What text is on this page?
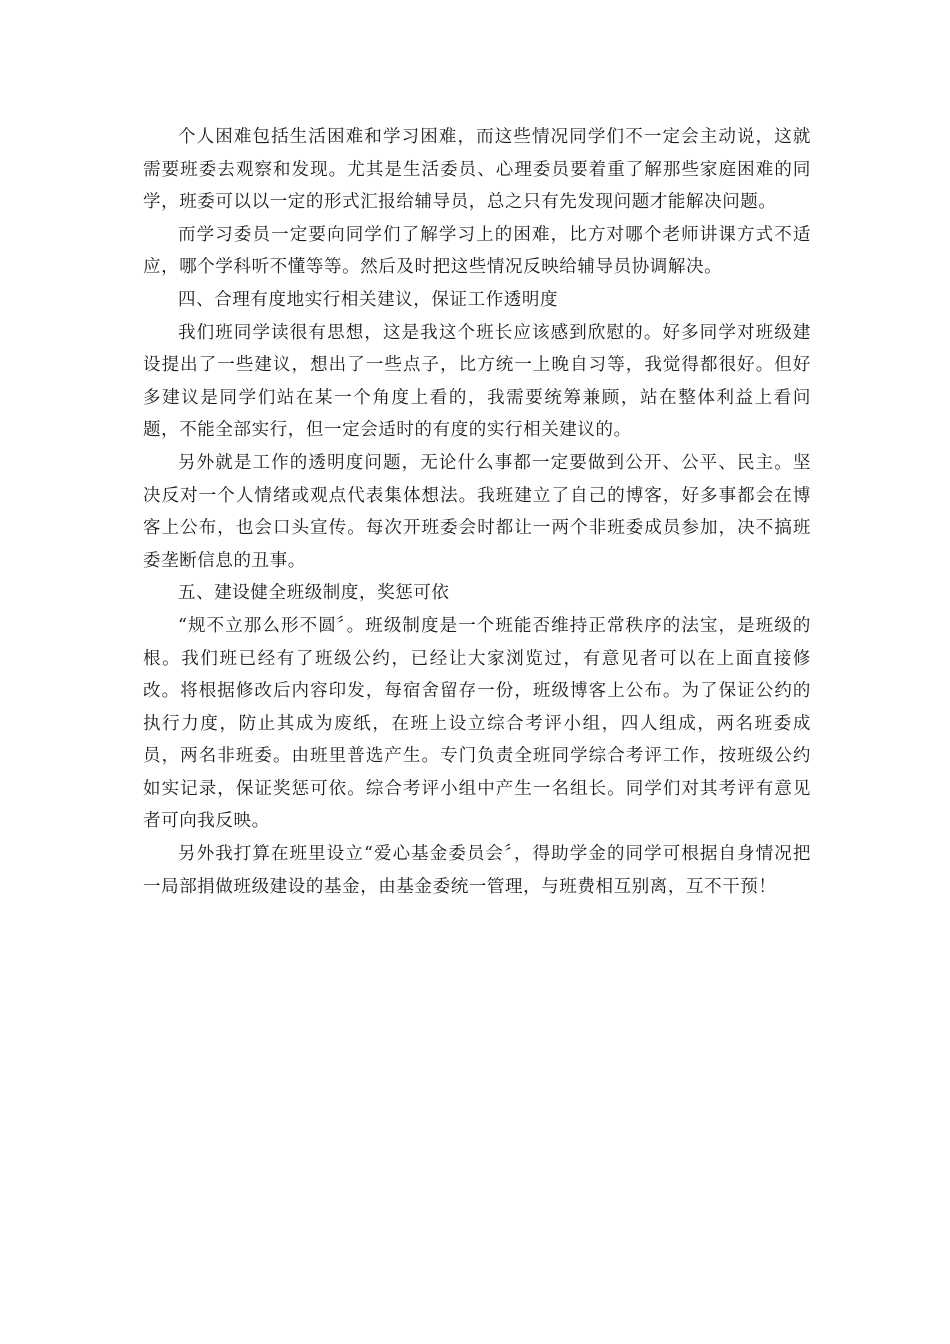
个人困难包括生活困难和学习困难，而这些情况同学们不一定会主动说，这就需要班委去观察和发现。尤其是生活委员、心理委员要着重了解那些家庭困难的同学，班委可以以一定的形式汇报给辅导员，总之只有先发现问题才能解决问题。

而学习委员一定要向同学们了解学习上的困难，比方对哪个老师讲课方式不适应，哪个学科听不懂等等。然后及时把这些情况反映给辅导员协调解决。

四、合理有度地实行相关建议，保证工作透明度

我们班同学读很有思想，这是我这个班长应该感到欣慰的。好多同学对班级建设提出了一些建议，想出了一些点子，比方统一上晚自习等，我觉得都很好。但好多建议是同学们站在某一个角度上看的，我需要统筹兼顾，站在整体利益上看问题，不能全部实行，但一定会适时的有度的实行相关建议的。

另外就是工作的透明度问题，无论什么事都一定要做到公开、公平、民主。坚决反对一个人情绪或观点代表集体想法。我班建立了自己的博客，好多事都会在博客上公布，也会口头宣传。每次开班委会时都让一两个非班委成员参加，决不搞班委垄断信息的丑事。

五、建设健全班级制度，奖惩可依

“规不立那么形不圆〞。班级制度是一个班能否维持正常秩序的法宝，是班级的根。我们班已经有了班级公约，已经让大家浏览过，有意见者可以在上面直接修改。将根据修改后内容印发，每宿舍留存一份，班级博客上公布。为了保证公约的执行力度，防止其成为废纸，在班上设立综合考评小组，四人组成，两名班委成员，两名非班委。由班里普选产生。专门负责全班同学综合考评工作，按班级公约如实记录，保证奖惩可依。综合考评小组中产生一名组长。同学们对其考评有意见者可向我反映。

另外我打算在班里设立“爱心基金委员会〞，得助学金的同学可根据自身情况把一局部捐做班级建设的基金，由基金委统一管理，与班费相互别离，互不干预！
